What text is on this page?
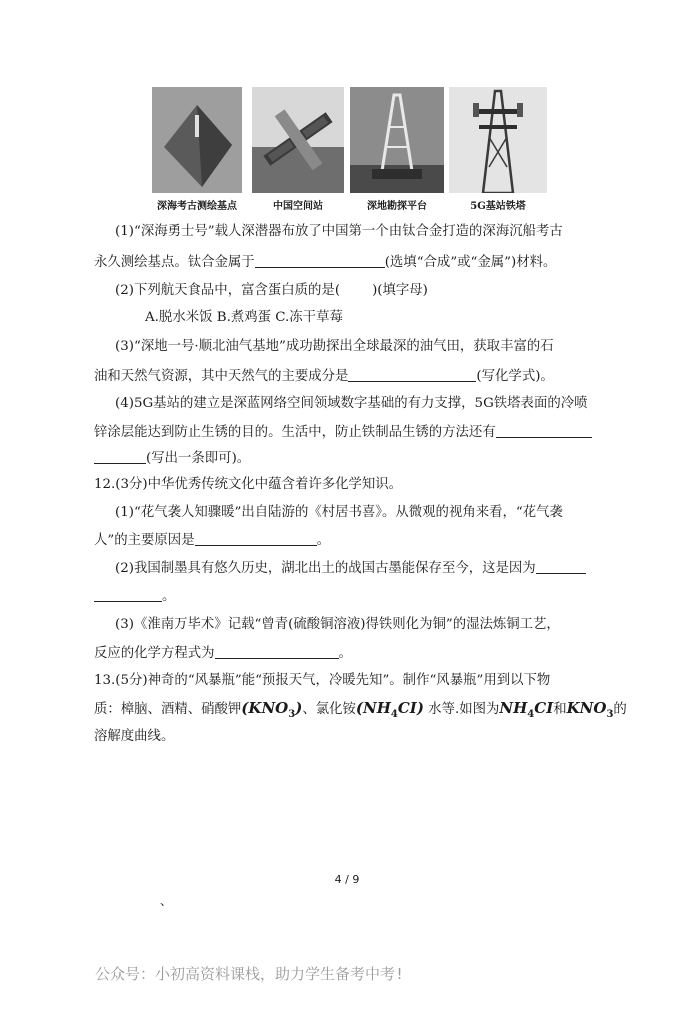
深海考古测绘基点	中国空间站	深地勘探平台	5G基站铁塔
(1)“深海勇士号”载人深潜器布放了中国第一个由钛合金打造的深海沉船考古
永久测绘基点。钛合金属于	(选填“合成”或“金属”)材料。
(2)下列航天食品中，富含蛋白质的是( )(填字母)
A.脱水米饭 B.煮鸡蛋 C.冻干草莓
(3)“深地一号·顺北油气基地”成功勘探出全球最深的油气田，获取丰富的石
油和天然气资源，其中天然气的主要成分是	(写化学式)。
(4)5G基站的建立是深蓝网络空间领域数字基础的有力支撑，5G铁塔表面的冷喷
锌涂层能达到防止生锈的目的。生活中，防止铁制品生锈的方法还有
(写出一条即可)。
12.(3分)中华优秀传统文化中蕴含着许多化学知识。
(1)“花气袭人知骤暖”出自陆游的《村居书喜》。从微观的视角来看，“花气袭
人”的主要原因是	。
(2)我国制墨具有悠久历史，湖北出土的战国古墨能保存至今，这是因为
。
(3)《淮南万毕术》记载“曾青(硫酸铜溶液)得铁则化为铜”的湿法炼铜工艺，
反应的化学方程式为	。
13.(5分)神奇的“风暴瓶”能“预报天气，冷暖先知”。制作“风暴瓶”用到以下物
质：樟脑、酒精、硝酸钾$(KNO_3)$、氯化铵$(NH_4CI)$ 水等.如图为$NH_4CI$和$KNO_3$的
溶解度曲线。
4 / 9
、
公众号：小初高资料课栈，助力学生备考中考!
